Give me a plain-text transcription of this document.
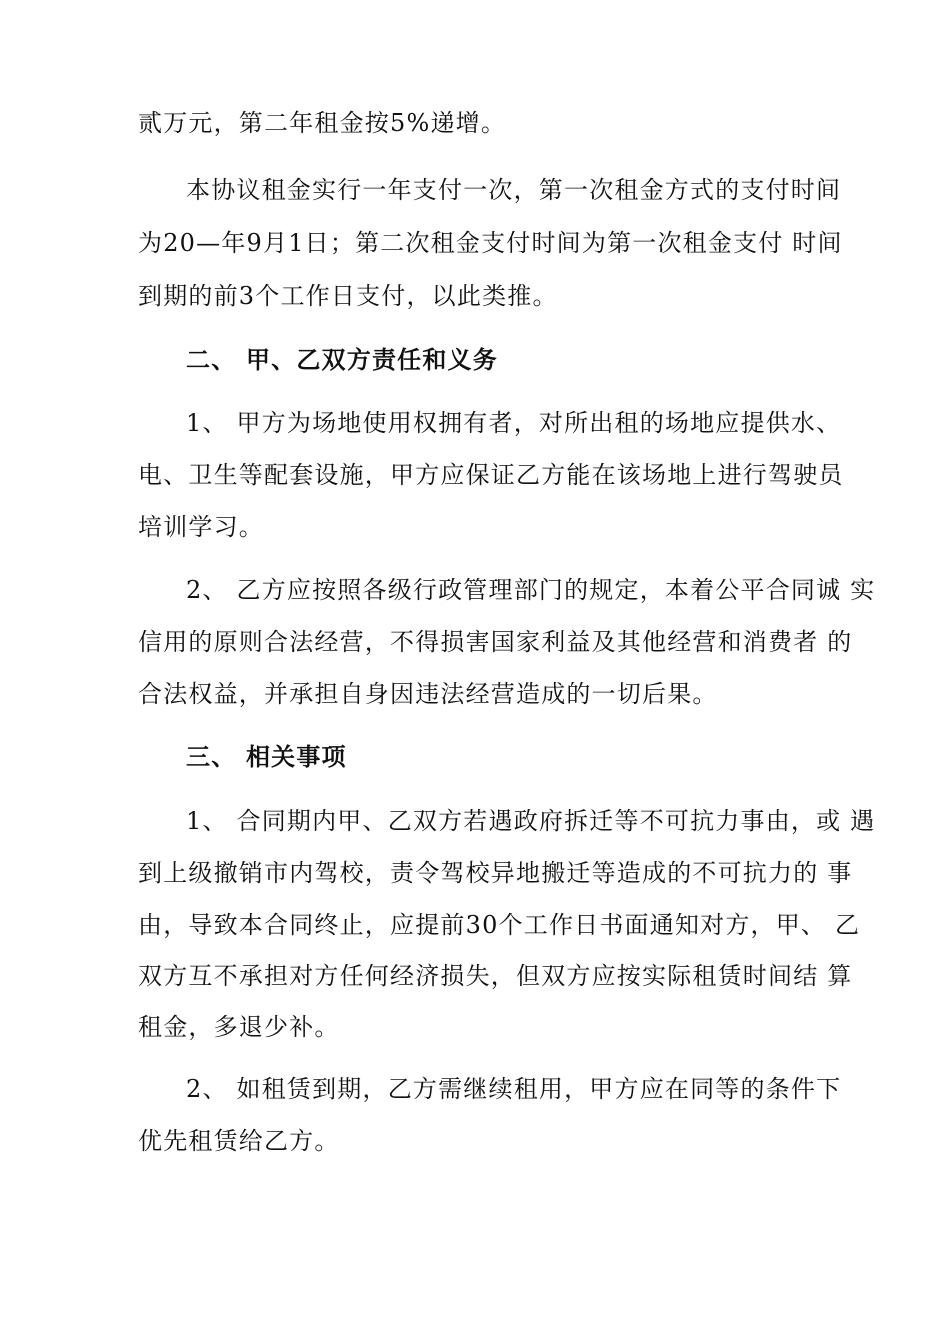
贰万元，第二年租金按5%递增。
本协议租金实行一年支付一次，第一次租金方式的支付时间
为20—年9月1日；第二次租金支付时间为第一次租金支付 时间
到期的前3个工作日支付，以此类推。
二、 甲、乙双方责任和义务
1、 甲方为场地使用权拥有者，对所出租的场地应提供水、
电、卫生等配套设施，甲方应保证乙方能在该场地上进行驾驶员
培训学习。
2、 乙方应按照各级行政管理部门的规定，本着公平合同诚 实
信用的原则合法经营，不得损害国家利益及其他经营和消费者 的
合法权益，并承担自身因违法经营造成的一切后果。
三、 相关事项
1、 合同期内甲、乙双方若遇政府拆迁等不可抗力事由，或 遇
到上级撤销市内驾校，责令驾校异地搬迁等造成的不可抗力的 事
由，导致本合同终止，应提前30个工作日书面通知对方，甲、 乙
双方互不承担对方任何经济损失，但双方应按实际租赁时间结 算
租金，多退少补。
2、 如租赁到期，乙方需继续租用，甲方应在同等的条件下
优先租赁给乙方。
